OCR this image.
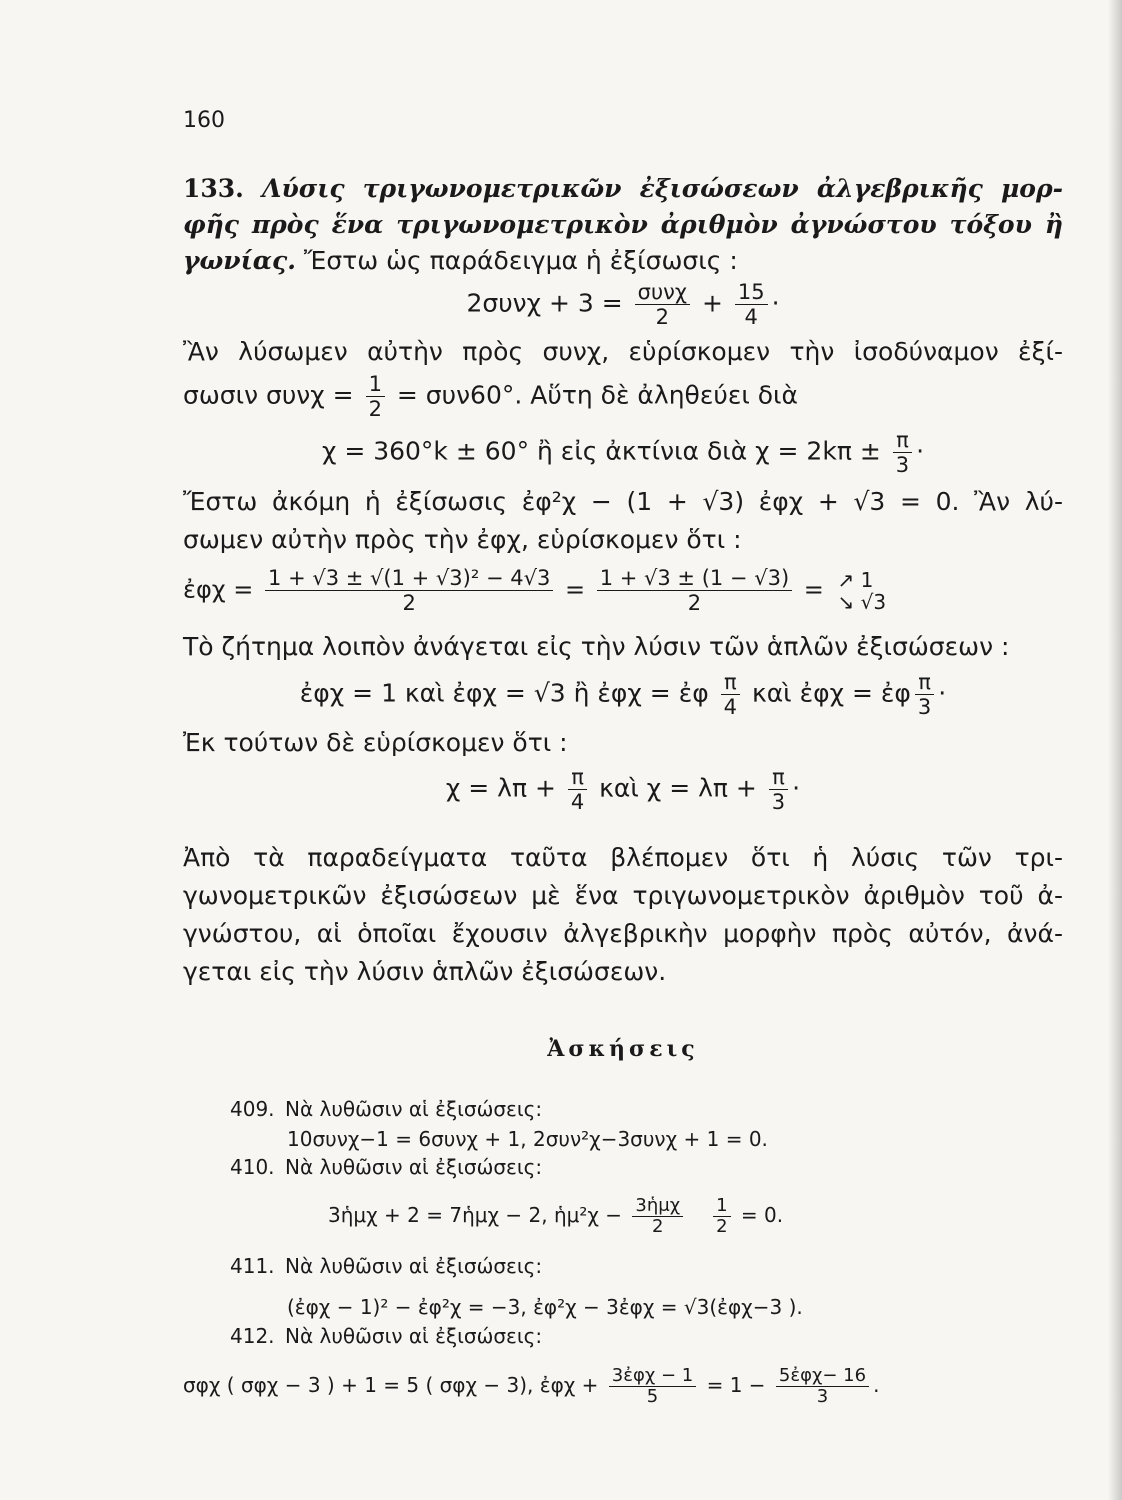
160
133. Λύσις τριγωνομετρικῶν ἐξισώσεων ἀλγεβρικῆς μορ-
φῆς πρὸς ἕνα τριγωνομετρικὸν ἀριθμὸν ἀγνώστου τόξου ἢ
γωνίας. Ἔστω ὡς παράδειγμα ἡ ἐξίσωσις :
$2\sigma\upsilon\nu\chi + 3 = \frac{\text{συνχ}}{2} + \frac{15}{4}$ ·
Ἂν λύσωμεν αὐτὴν πρὸς συνχ, εὑρίσκομεν τὴν ἰσοδύναμον ἐξί-
σωσιν $\sigma\upsilon\nu\chi = \frac{1}{2} = \sigma\upsilon\nu 60^\circ$. Αὕτη δὲ ἀληθεύει διὰ
χ = 360°k ± 60° ἢ εἰς ἀκτίνια διὰ $\chi = 2k\pi \pm \frac{\pi}{3}$ ·
Ἔστω ἀκόμη ἡ ἐξίσωσις ἐφ²χ − (1 + √3) ἐφχ + √3 = 0. Ἂν λύ-
σωμεν αὐτὴν πρὸς τὴν ἐφχ, εὑρίσκομεν ὅτι :
ἐφχ = $\frac{\text{1 + √3 ± √(1 + √3)² − 4√3}}{2} = \frac{1 + √3 \pm (1 - √3)}{2}$ = ↗ 1
↘ √3
Τὸ ζήτημα λοιπὸν ἀνάγεται εἰς τὴν λύσιν τῶν ἁπλῶν ἐξισώσεων :
ἐφχ = 1 καὶ ἐφχ = √3 ἢ ἐφχ = ἐφ $\frac{\pi}{4}$ καὶ ἐφχ = ἐφ $\frac{\pi}{3}$ ·
Ἐκ τούτων δὲ εὑρίσκομεν ὅτι :
$\chi = \lambda\pi + \frac{\pi}{4}$ καὶ $\chi = \lambda\pi + \frac{\pi}{3}$ ·
Ἀπὸ τὰ παραδείγματα ταῦτα βλέπομεν ὅτι ἡ λύσις τῶν τρι-
γωνομετρικῶν ἐξισώσεων μὲ ἕνα τριγωνομετρικὸν ἀριθμὸν τοῦ ἀ-
γνώστου, αἱ ὁποῖαι ἔχουσιν ἀλγεβρικὴν μορφὴν πρὸς αὐτόν, ἀνά-
γεται εἰς τὴν λύσιν ἁπλῶν ἐξισώσεων.
Ἀσκήσεις
409. Νὰ λυθῶσιν αἱ ἐξισώσεις:
10συνχ−1 = 6συνχ + 1, 2συν²χ−3συνχ + 1 = 0.
410. Νὰ λυθῶσιν αἱ ἐξισώσεις:
3ἡμχ + 2 = 7ἡμχ − 2, ἡμ²χ − $\frac{\text{3ἡμχ}}{2} \frac{1}{2} = 0$.
411. Νὰ λυθῶσιν αἱ ἐξισώσεις:
(ἐφχ − 1)² − ἐφ²χ = −3, ἐφ²χ − 3ἐφχ = √3(ἐφχ−3 ).
412. Νὰ λυθῶσιν αἱ ἐξισώσεις:
σφχ ( σφχ − 3 ) + 1 = 5 ( σφχ − 3), ἐφχ + $\frac{\text{3ἐφχ − 1}}{5} = 1 - \frac{\text{5ἐφχ− 16}}{3}$ .
